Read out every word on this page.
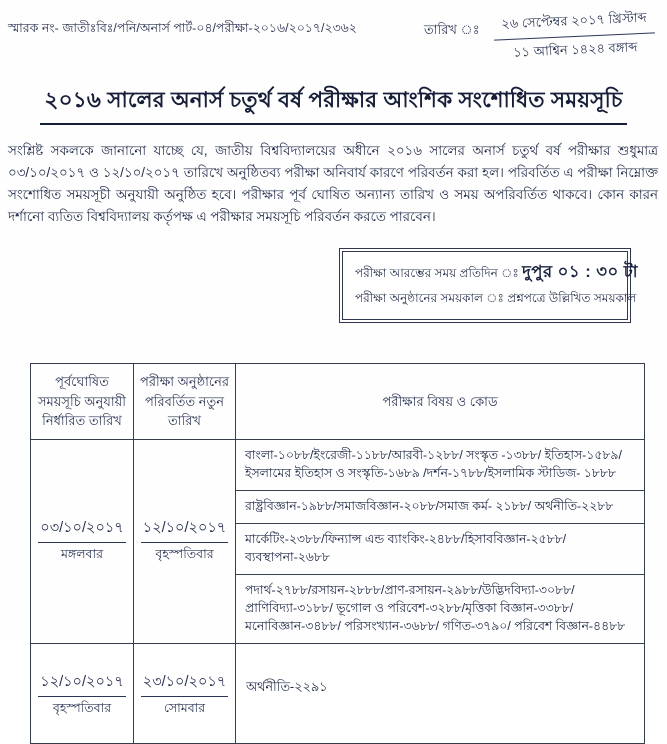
স্মারক নং- জাতীঃবিঃ/পনি/অনার্স পার্ট-০৪/পরীক্ষা-২০১৬/২০১৭/২৩৬২	তারিখ ঃ	২৬ সেপ্টেম্বর ২০১৭ খ্রিস্টাব্দ
১১ আশ্বিন ১৪২৪ বঙ্গাব্দ
২০১৬ সালের অনার্স চতুর্থ বর্ষ পরীক্ষার আংশিক সংশোধিত সময়সূচি
সংশ্লিষ্ট সকলকে জানানো যাচ্ছে যে, জাতীয় বিশ্ববিদ্যালয়ের অধীনে ২০১৬ সালের অনার্স চতুর্থ বর্ষ পরীক্ষার শুধুমাত্র ০৩/১০/২০১৭ ও ১২/১০/২০১৭ তারিখে অনুষ্ঠিতব্য পরীক্ষা অনিবার্য কারণে পরিবর্তন করা হল। পরিবর্তিত এ পরীক্ষা নিম্নোক্ত সংশোধিত সময়সূচী অনুযায়ী অনুষ্ঠিত হবে। পরীক্ষার পূর্ব ঘোষিত অন্যান্য তারিখ ও সময় অপরিবর্তিত থাকবে। কোন কারন দর্শানো ব্যতিত বিশ্ববিদ্যালয় কর্তৃপক্ষ এ পরীক্ষার সময়সূচি পরিবর্তন করতে পারবেন।
পরীক্ষা আরম্ভের সময় প্রতিদিন ঃ দুপুর ০১ : ৩০ টা
পরীক্ষা অনুষ্ঠানের সময়কাল ঃ প্রশ্নপত্রে উল্লিখিত সময়কাল
পূর্বঘোষিত সময়সূচি অনুযায়ী নির্ধারিত তারিখ
পরীক্ষা অনুষ্ঠানের পরিবর্তিত নতুন তারিখ
পরীক্ষার বিষয় ও কোড
০৩/১০/২০১৭
মঙ্গলবার
১২/১০/২০১৭
বৃহস্পতিবার
বাংলা-১০৮৮/ইংরেজী-১১৮৮/আরবী-১২৮৮/ সংস্কৃত -১৩৮৮/ ইতিহাস-১৫৮৯/ ইসলামের ইতিহাস ও সংস্কৃতি-১৬৮৯ /দর্শন-১৭৮৮/ইসলামিক স্টাডিজ- ১৮৮৮
রাষ্ট্রবিজ্ঞান-১৯৮৮/সমাজবিজ্ঞান-২০৮৮/সমাজ কর্ম- ২১৮৮/ অর্থনীতি-২২৮৮
মার্কেটিং-২৩৮৮/ফিন্যান্স এন্ড ব্যাংকিং-২৪৮৮/হিসাববিজ্ঞান-২৫৮৮/ ব্যবস্থাপনা-২৬৮৮
পদার্থ-২৭৮৮/রসায়ন-২৮৮৮/প্রাণ-রসায়ন-২৯৮৮/উদ্ভিদবিদ্যা-৩০৮৮/ প্রাণিবিদ্যা-৩১৮৮/ ভূগোল ও পরিবেশ-৩২৮৮/মৃত্তিকা বিজ্ঞান-৩৩৮৮/মনোবিজ্ঞান-৩৪৮৮/ পরিসংখ্যান-৩৬৮৮/ গণিত-৩৭৯০/ পরিবেশ বিজ্ঞান-৪৪৮৮
১২/১০/২০১৭
বৃহস্পতিবার
২৩/১০/২০১৭
সোমবার
অর্থনীতি-২২৯১
